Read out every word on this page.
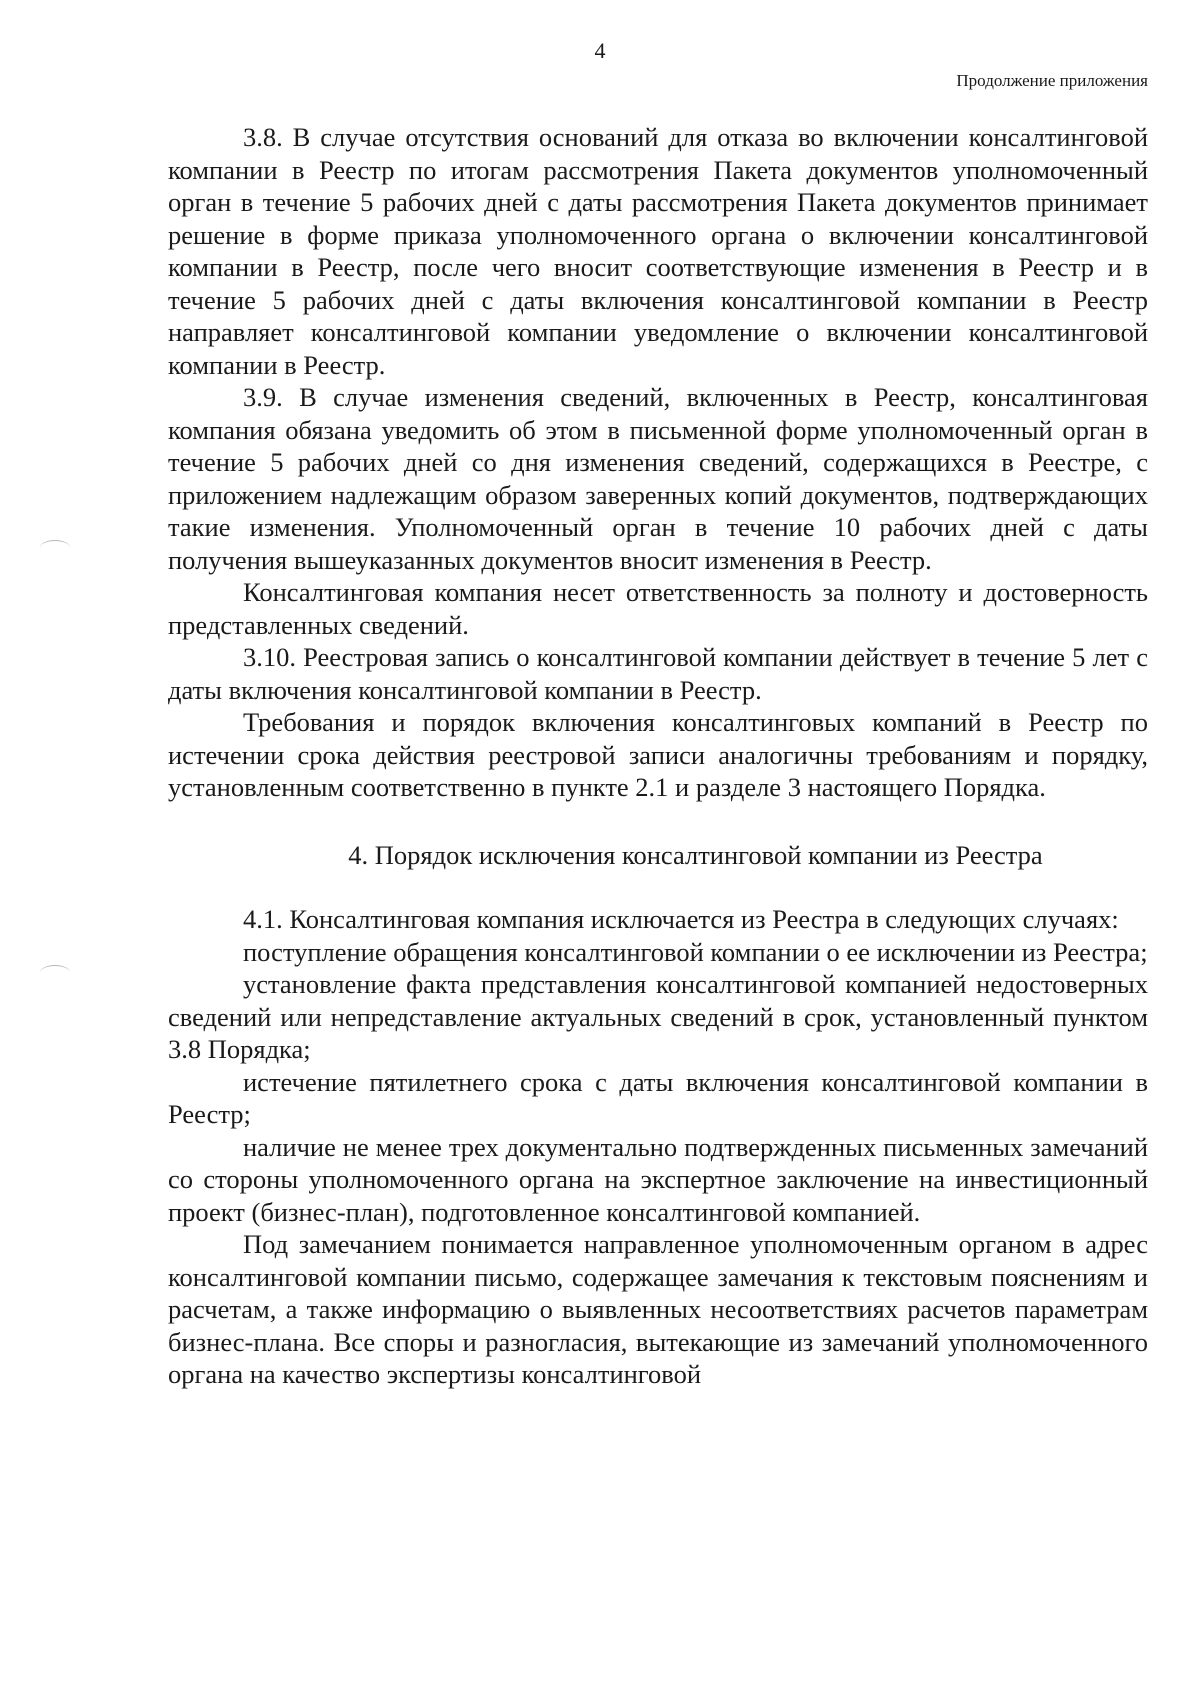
4
Продолжение приложения

3.8. В случае отсутствия оснований для отказа во включении консалтинговой компании в Реестр по итогам рассмотрения Пакета документов уполномоченный орган в течение 5 рабочих дней с даты рассмотрения Пакета документов принимает решение в форме приказа уполномоченного органа о включении консалтинговой компании в Реестр, после чего вносит соответствующие изменения в Реестр и в течение 5 рабочих дней с даты включения консалтинговой компании в Реестр направляет консалтинговой компании уведомление о включении консалтинговой компании в Реестр.

3.9. В случае изменения сведений, включенных в Реестр, консалтинговая компания обязана уведомить об этом в письменной форме уполномоченный орган в течение 5 рабочих дней со дня изменения сведений, содержащихся в Реестре, с приложением надлежащим образом заверенных копий документов, подтверждающих такие изменения. Уполномоченный орган в течение 10 рабочих дней с даты получения вышеуказанных документов вносит изменения в Реестр.

Консалтинговая компания несет ответственность за полноту и достоверность представленных сведений.

3.10. Реестровая запись о консалтинговой компании действует в течение 5 лет с даты включения консалтинговой компании в Реестр.

Требования и порядок включения консалтинговых компаний в Реестр по истечении срока действия реестровой записи аналогичны требованиям и порядку, установленным соответственно в пункте 2.1 и разделе 3 настоящего Порядка.

4. Порядок исключения консалтинговой компании из Реестра

4.1. Консалтинговая компания исключается из Реестра в следующих случаях:

поступление обращения консалтинговой компании о ее исключении из Реестра;

установление факта представления консалтинговой компанией недостоверных сведений или непредставление актуальных сведений в срок, установленный пунктом 3.8 Порядка;

истечение пятилетнего срока с даты включения консалтинговой компании в Реестр;

наличие не менее трех документально подтвержденных письменных замечаний со стороны уполномоченного органа на экспертное заключение на инвестиционный проект (бизнес-план), подготовленное консалтинговой компанией.

Под замечанием понимается направленное уполномоченным органом в адрес консалтинговой компании письмо, содержащее замечания к текстовым пояснениям и расчетам, а также информацию о выявленных несоответствиях расчетов параметрам бизнес-плана. Все споры и разногласия, вытекающие из замечаний уполномоченного органа на качество экспертизы консалтинговой
